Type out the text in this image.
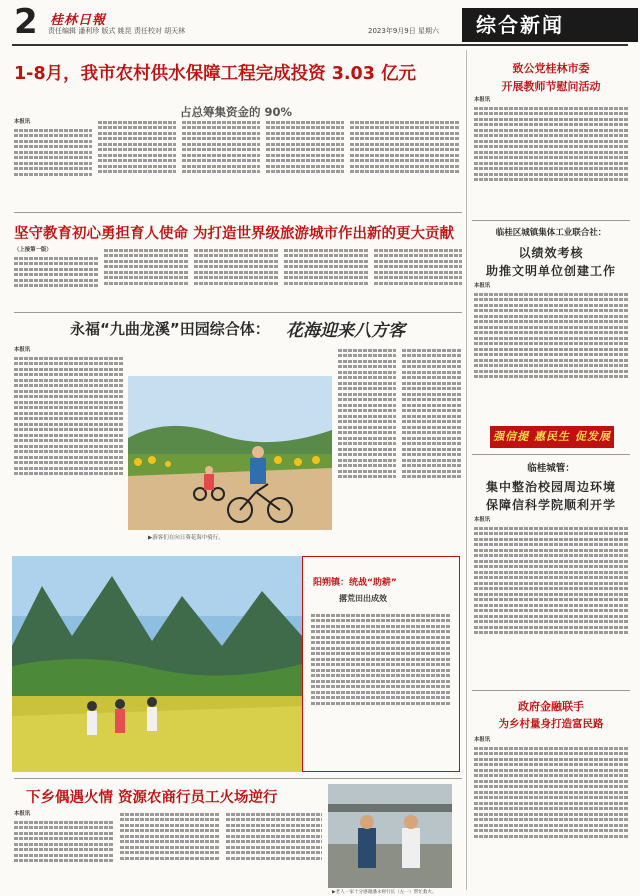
2 桂林日報
责任编辑 潘利珍 版式 姚昆 责任校对 胡天林	2023年9月9日 星期六	综合新闻
1-8月，我市农村供水保障工程完成投资 3.03 亿元
占总筹集资金的 90%
本报讯
坚守教育初心勇担育人使命 为打造世界级旅游城市作出新的更大贡献
（上接第一版）
永福“九曲龙溪”田园综合体： 花海迎来八方客
本报讯
▶游客们在向日葵花海中骑行。
阳朔镇：统战“助耕”
撂荒田出成效
下乡偶遇火情 资源农商行员工火场逆行
本报讯
▶老人一家十分感谢潘永财行长（左一）帮忙救火。
致公党桂林市委
开展教师节慰问活动
本报讯
临桂区城镇集体工业联合社：
以绩效考核
助推文明单位创建工作
本报讯
强信提 惠民生 促发展
临桂城管：
集中整治校园周边环境
保障信科学院顺利开学
本报讯
政府金融联手
为乡村量身打造富民路
本报讯
